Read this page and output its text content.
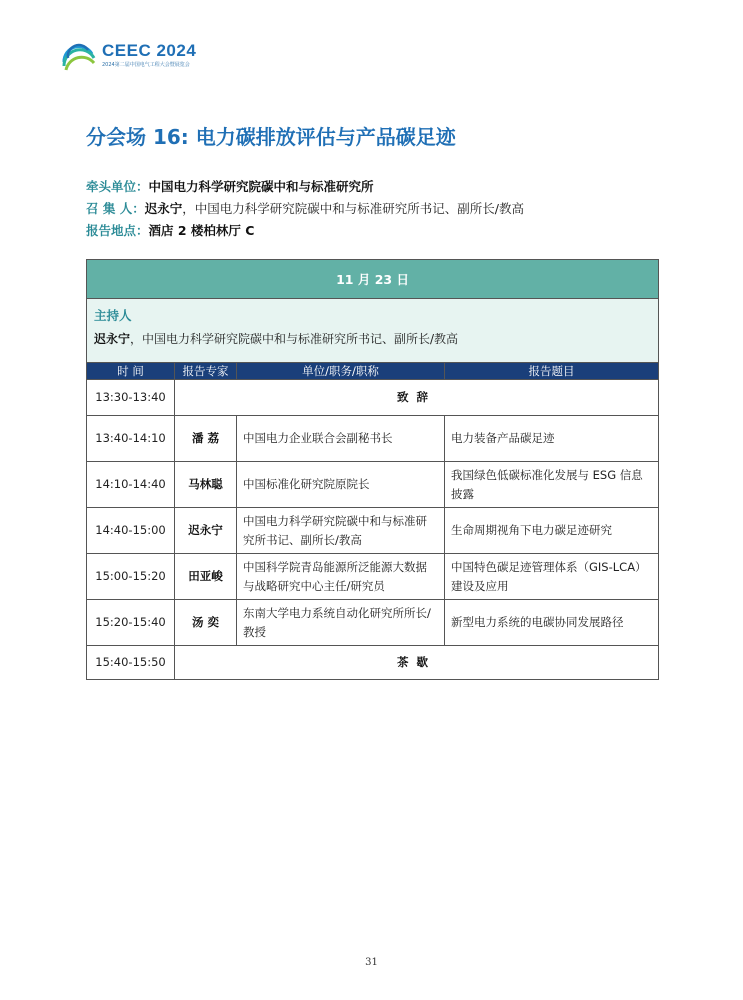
CEEC 2024
2024第二届中国电气工程大会暨展览会
分会场 16: 电力碳排放评估与产品碳足迹
牵头单位：中国电力科学研究院碳中和与标准研究所
召 集 人：迟永宁，中国电力科学研究院碳中和与标准研究所书记、副所长/教高
报告地点：酒店 2 楼柏林厅 C
11 月 23 日			

主持人
迟永宁，中国电力科学研究院碳中和与标准研究所书记、副所长/教高			

时 间	报告专家	单位/职务/职称	报告题目
13:30-13:40	致辞		
13:40-14:10	潘 荔	中国电力企业联合会副秘书长	电力装备产品碳足迹
14:10-14:40	马林聪	中国标准化研究院原院长	我国绿色低碳标准化发展与 ESG 信息披露
14:40-15:00	迟永宁	中国电力科学研究院碳中和与标准研究所书记、副所长/教高	生命周期视角下电力碳足迹研究
15:00-15:20	田亚峻	中国科学院青岛能源所泛能源大数据与战略研究中心主任/研究员	中国特色碳足迹管理体系（GIS-LCA）建设及应用
15:20-15:40	汤 奕	东南大学电力系统自动化研究所所长/教授	新型电力系统的电碳协同发展路径
15:40-15:50	茶歇		
31
